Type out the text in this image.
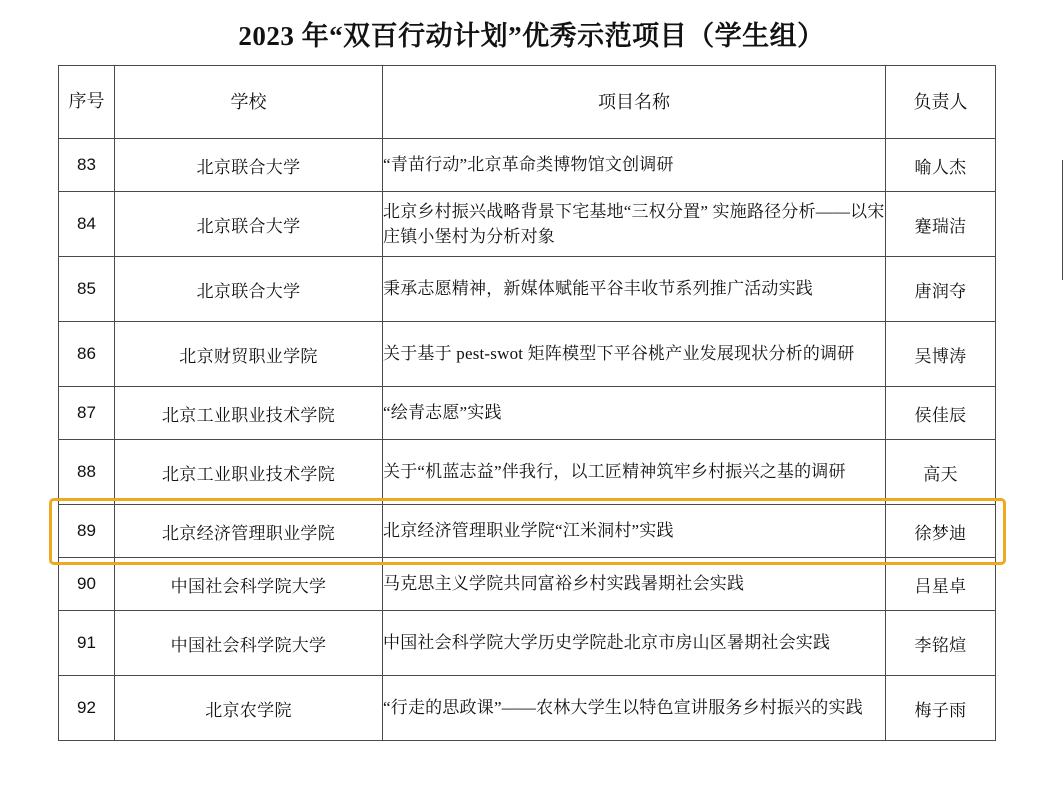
2023 年“双百行动计划”优秀示范项目（学生组）
序号	学校	项目名称	负责人
83	北京联合大学	“青苗行动”北京革命类博物馆文创调研	喻人杰
84	北京联合大学	北京乡村振兴战略背景下宅基地“三权分置” 实施路径分析——以宋庄镇小堡村为分析对象	蹇瑞洁
85	北京联合大学	秉承志愿精神，新媒体赋能平谷丰收节系列推广活动实践	唐润夺
86	北京财贸职业学院	关于基于 pest-swot 矩阵模型下平谷桃产业发展现状分析的调研	吴博涛
87	北京工业职业技术学院	“绘青志愿”实践	侯佳辰
88	北京工业职业技术学院	关于“机蓝志益”伴我行，以工匠精神筑牢乡村振兴之基的调研	高天
89	北京经济管理职业学院	北京经济管理职业学院“江米洞村”实践	徐梦迪
90	中国社会科学院大学	马克思主义学院共同富裕乡村实践暑期社会实践	吕星卓
91	中国社会科学院大学	中国社会科学院大学历史学院赴北京市房山区暑期社会实践	李铭煊
92	北京农学院	“行走的思政课”——农林大学生以特色宣讲服务乡村振兴的实践	梅子雨
